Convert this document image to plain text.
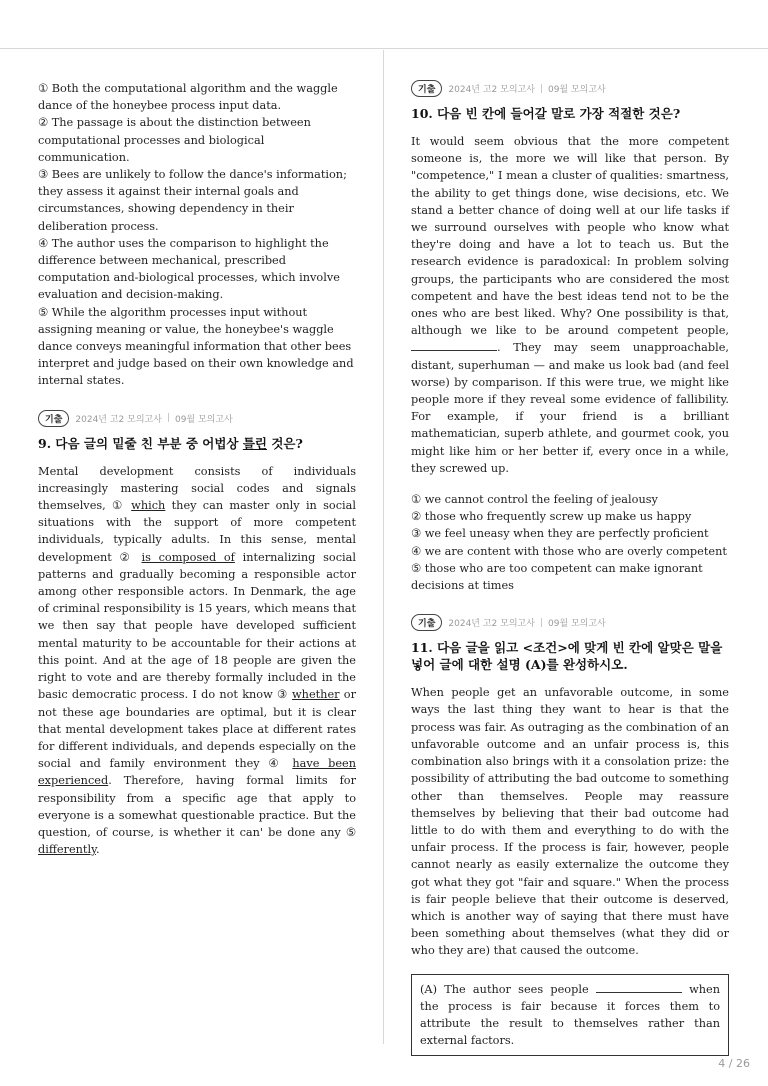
① Both the computational algorithm and the waggle dance of the honeybee process input data.

② The passage is about the distinction between computational processes and biological communication.

③ Bees are unlikely to follow the dance's information; they assess it against their internal goals and circumstances, showing dependency in their deliberation process.

④ The author uses the comparison to highlight the difference between mechanical, prescribed computation and-biological processes, which involve evaluation and decision-making.

⑤ While the algorithm processes input without assigning meaning or value, the honeybee's waggle dance conveys meaningful information that other bees interpret and judge based on their own knowledge and internal states.

기출	2024년 고2 모의고사 | 09월 모의고사

9. 다음 글의 밑줄 친 부분 중 어법상 틀린 것은?

Mental development consists of individuals increasingly mastering social codes and signals themselves, ① which they can master only in social situations with the support of more competent individuals, typically adults. In this sense, mental development ② is composed of internalizing social patterns and gradually becoming a responsible actor among other responsible actors. In Denmark, the age of criminal responsibility is 15 years, which means that we then say that people have developed sufficient mental maturity to be accountable for their actions at this point. And at the age of 18 people are given the right to vote and are thereby formally included in the basic democratic process. I do not know ③ whether or not these age boundaries are optimal, but it is clear that mental development takes place at different rates for different individuals, and depends especially on the social and family environment they ④ have been experienced. Therefore, having formal limits for responsibility from a specific age that apply to everyone is a somewhat questionable practice. But the question, of course, is whether it can' be done any ⑤ differently.

기출	2024년 고2 모의고사 | 09월 모의고사

10. 다음 빈 칸에 들어갈 말로 가장 적절한 것은?

It would seem obvious that the more competent someone is, the more we will like that person. By "competence," I mean a cluster of qualities: smartness, the ability to get things done, wise decisions, etc. We stand a better chance of doing well at our life tasks if we surround ourselves with people who know what they're doing and have a lot to teach us. But the research evidence is paradoxical: In problem solving groups, the participants who are considered the most competent and have the best ideas tend not to be the ones who are best liked. Why? One possibility is that, although we like to be around competent people, . They may seem unapproachable, distant, superhuman — and make us look bad (and feel worse) by comparison. If this were true, we might like people more if they reveal some evidence of fallibility. For example, if your friend is a brilliant mathematician, superb athlete, and gourmet cook, you might like him or her better if, every once in a while, they screwed up.

① we cannot control the feeling of jealousy

② those who frequently screw up make us happy

③ we feel uneasy when they are perfectly proficient

④ we are content with those who are overly competent

⑤ those who are too competent can make ignorant decisions at times

기출	2024년 고2 모의고사 | 09월 모의고사

11. 다음 글을 읽고 <조건>에 맞게 빈 칸에 알맞은 말을 넣어 글에 대한 설명 (A)를 완성하시오.

When people get an unfavorable outcome, in some ways the last thing they want to hear is that the process was fair. As outraging as the combination of an unfavorable outcome and an unfair process is, this combination also brings with it a consolation prize: the possibility of attributing the bad outcome to something other than themselves. People may reassure themselves by believing that their bad outcome had little to do with them and everything to do with the unfair process. If the process is fair, however, people cannot nearly as easily externalize the outcome they got what they got "fair and square." When the process is fair people believe that their outcome is deserved, which is another way of saying that there must have been something about themselves (what they did or who they are) that caused the outcome.

(A) The author sees people	when the process is fair because it forces them to attribute the result to themselves rather than external factors.
4 / 26
